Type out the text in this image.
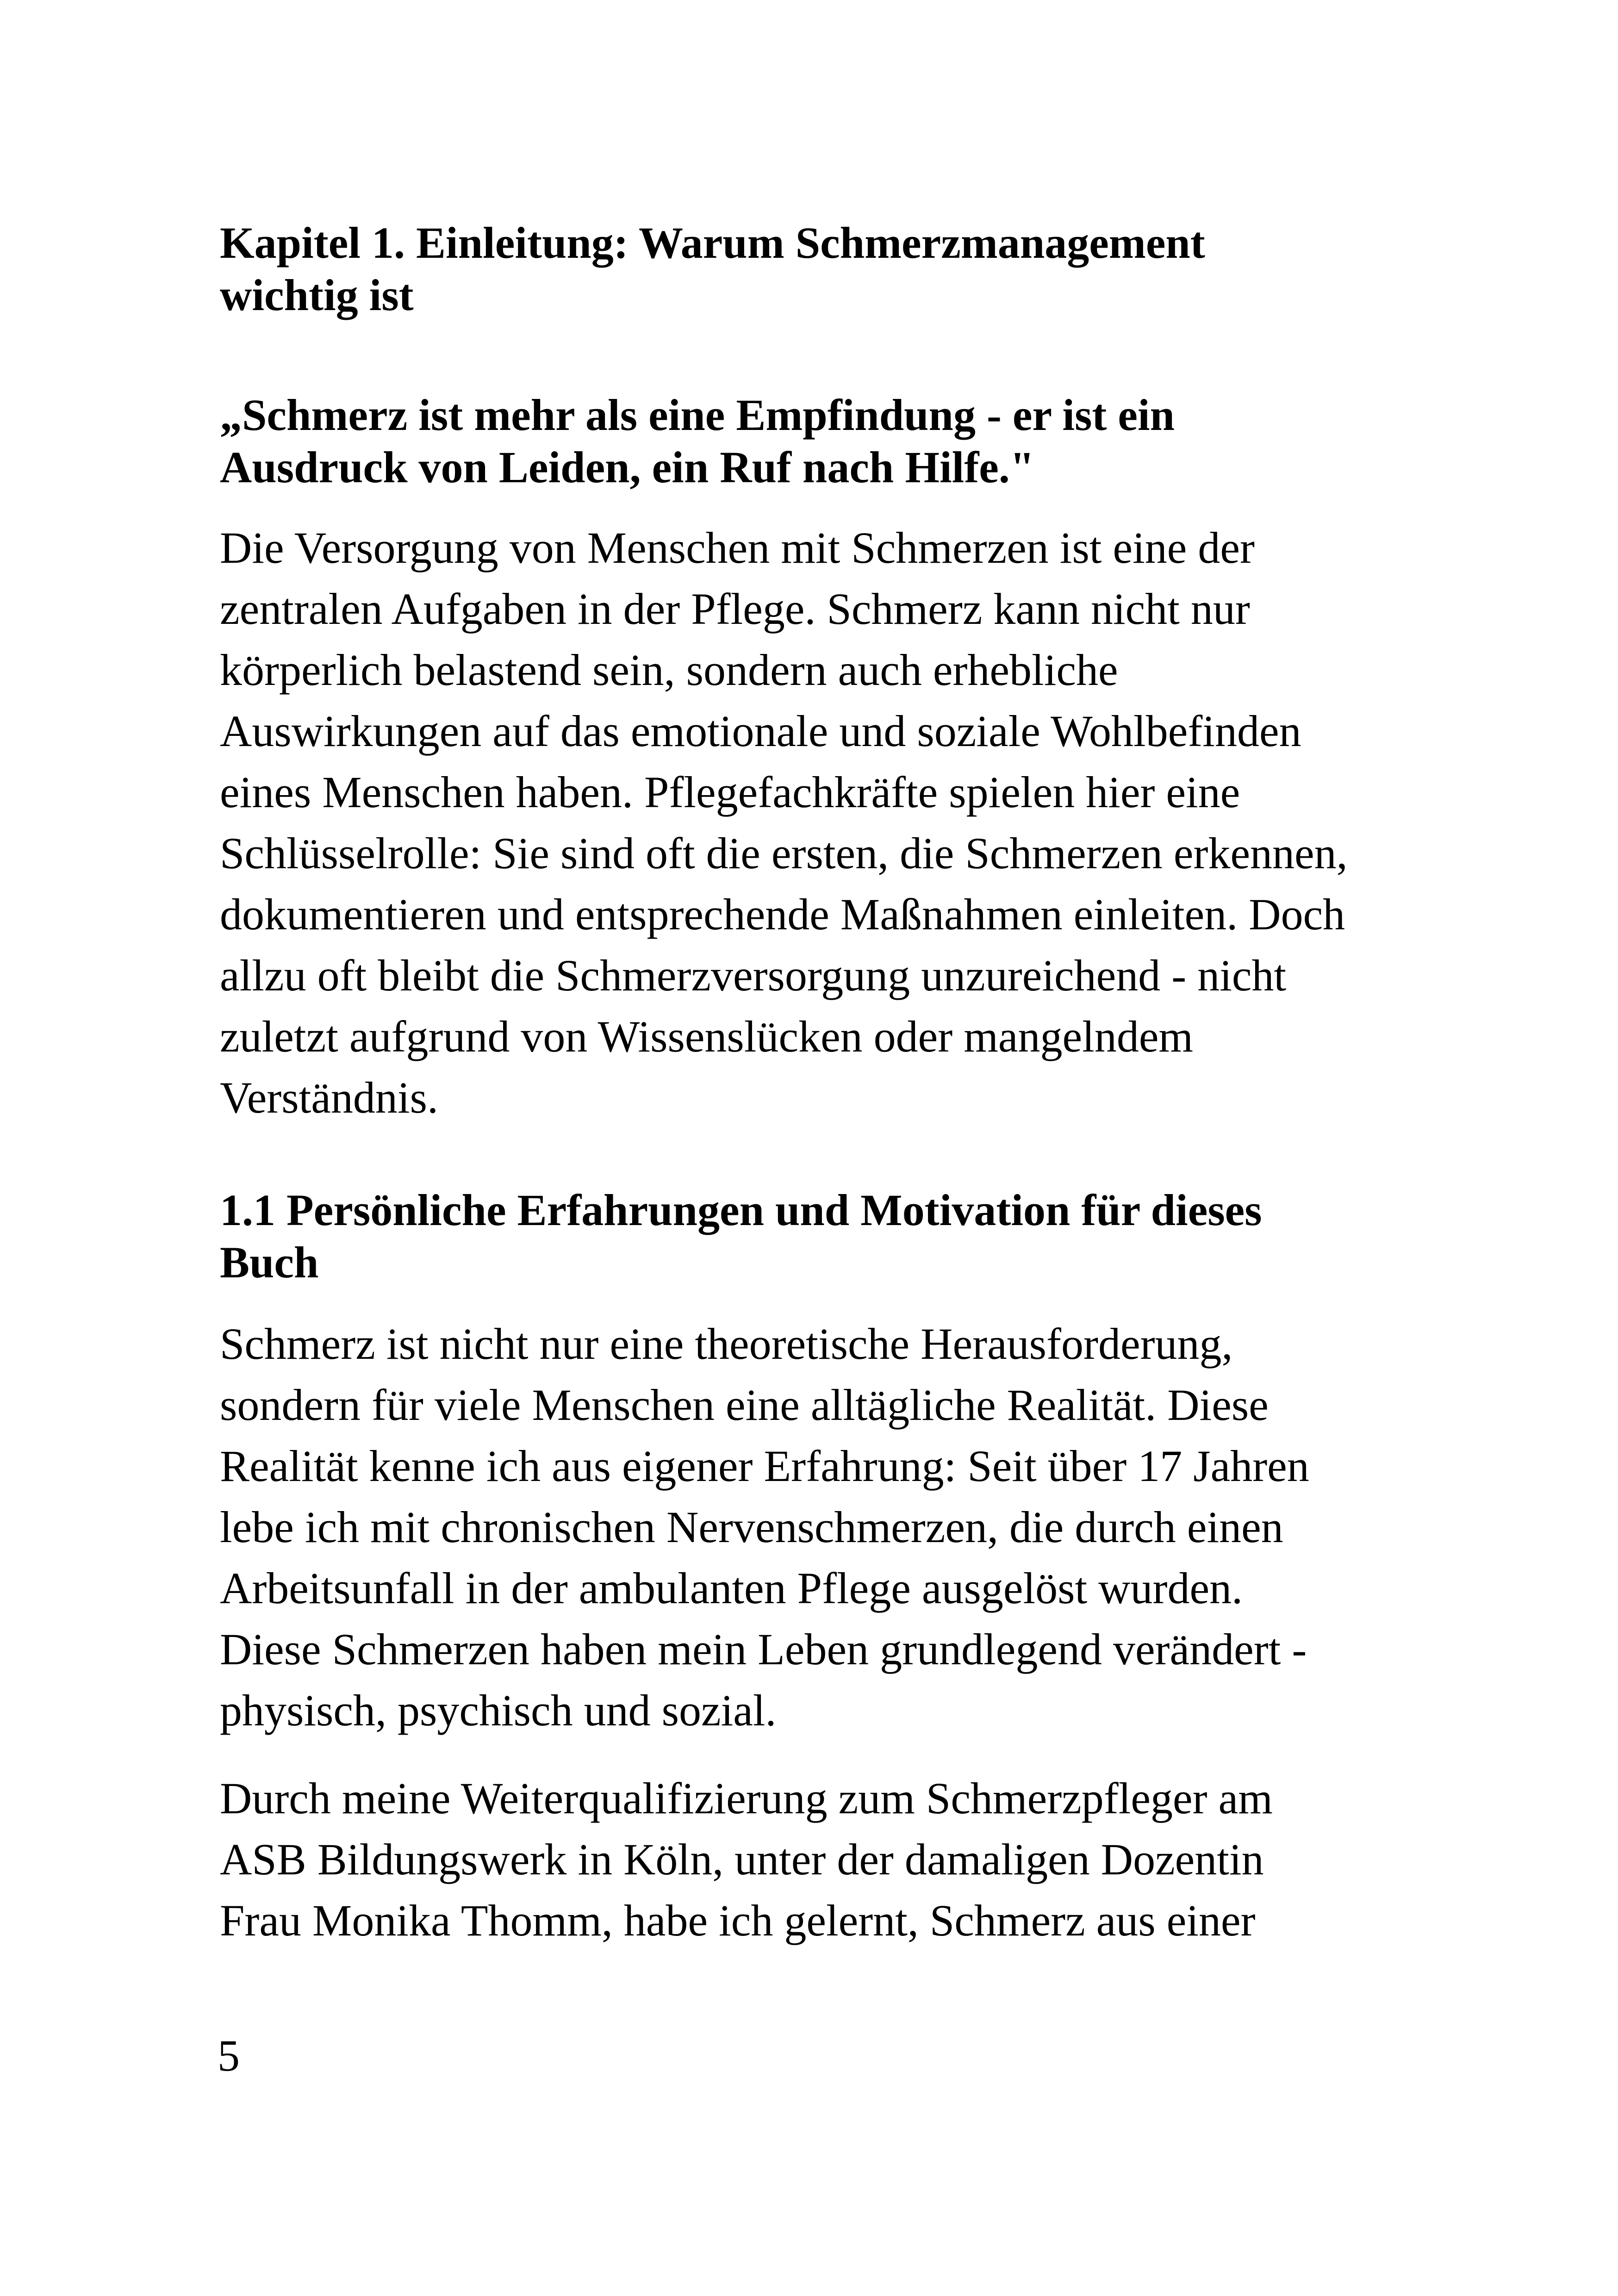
Kapitel 1. Einleitung: Warum Schmerzmanagement
wichtig ist

„Schmerz ist mehr als eine Empfindung - er ist ein
Ausdruck von Leiden, ein Ruf nach Hilfe."

Die Versorgung von Menschen mit Schmerzen ist eine der
zentralen Aufgaben in der Pflege. Schmerz kann nicht nur
körperlich belastend sein, sondern auch erhebliche
Auswirkungen auf das emotionale und soziale Wohlbefinden
eines Menschen haben. Pflegefachkräfte spielen hier eine
Schlüsselrolle: Sie sind oft die ersten, die Schmerzen erkennen,
dokumentieren und entsprechende Maßnahmen einleiten. Doch
allzu oft bleibt die Schmerzversorgung unzureichend - nicht
zuletzt aufgrund von Wissenslücken oder mangelndem
Verständnis.

1.1 Persönliche Erfahrungen und Motivation für dieses
Buch

Schmerz ist nicht nur eine theoretische Herausforderung,
sondern für viele Menschen eine alltägliche Realität. Diese
Realität kenne ich aus eigener Erfahrung: Seit über 17 Jahren
lebe ich mit chronischen Nervenschmerzen, die durch einen
Arbeitsunfall in der ambulanten Pflege ausgelöst wurden.
Diese Schmerzen haben mein Leben grundlegend verändert -
physisch, psychisch und sozial.

Durch meine Weiterqualifizierung zum Schmerzpfleger am
ASB Bildungswerk in Köln, unter der damaligen Dozentin
Frau Monika Thomm, habe ich gelernt, Schmerz aus einer

5
